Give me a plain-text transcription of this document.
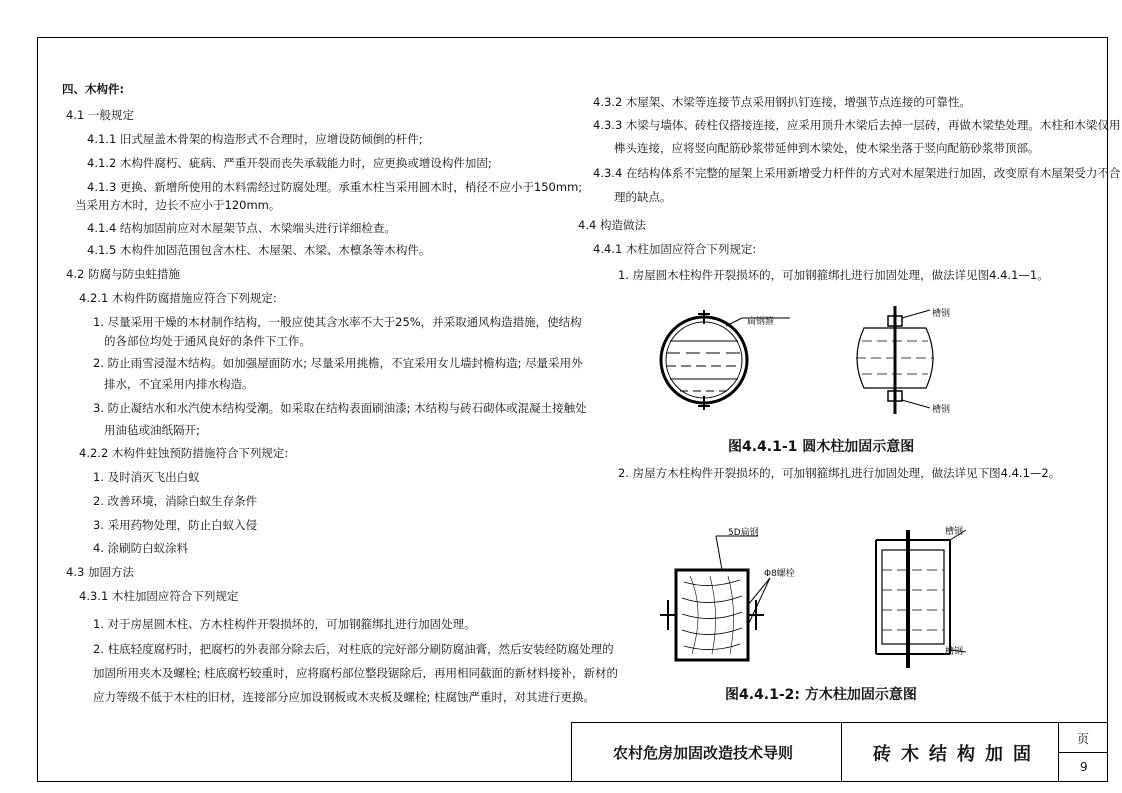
四、木构件:
4.1 一般规定
4.1.1 旧式屋盖木骨架的构造形式不合理时，应增设防倾倒的杆件;
4.1.2 木构件腐朽、疵病、严重开裂而丧失承载能力时，应更换或增设构件加固;
4.1.3 更换、新增所使用的木料需经过防腐处理。承重木柱当采用圆木时，梢径不应小于150mm;
当采用方木时，边长不应小于120mm。
4.1.4 结构加固前应对木屋架节点、木梁端头进行详细检查。
4.1.5 木构件加固范围包含木柱、木屋架、木梁、木檩条等木构件。
4.2 防腐与防虫蛀措施
4.2.1 木构件防腐措施应符合下列规定:
1. 尽量采用干燥的木材制作结构，一般应使其含水率不大于25%，并采取通风构造措施，使结构
的各部位均处于通风良好的条件下工作。
2. 防止雨雪浸湿木结构。如加强屋面防水; 尽量采用挑檐，不宜采用女儿墙封檐构造; 尽量采用外
排水，不宜采用内排水构造。
3. 防止凝结水和水汽使木结构受潮。如采取在结构表面刷油漆; 木结构与砖石砌体或混凝土接触处
用油毡或油纸隔开;
4.2.2 木构件蛀蚀预防措施符合下列规定:
1. 及时消灭飞出白蚁
2. 改善环境，消除白蚁生存条件
3. 采用药物处理，防止白蚁入侵
4. 涂刷防白蚁涂料
4.3 加固方法
4.3.1 木柱加固应符合下列规定
1. 对于房屋圆木柱、方木柱构件开裂损坏的，可加钢箍绑扎进行加固处理。
2. 柱底轻度腐朽时，把腐朽的外表部分除去后，对柱底的完好部分刷防腐油膏，然后安装经防腐处理的
加固所用夹木及螺栓; 柱底腐朽较重时，应将腐朽部位整段锯除后，再用相同截面的新材料接补，新材的
应力等级不低于木柱的旧材，连接部分应加设钢板或木夹板及螺栓; 柱腐蚀严重时，对其进行更换。
4.3.2 木屋架、木梁等连接节点采用钢扒钉连接，增强节点连接的可靠性。
4.3.3 木梁与墙体、砖柱仅搭接连接，应采用顶升木梁后去掉一层砖，再做木梁垫处理。木柱和木梁仅用
榫头连接，应将竖向配筋砂浆带延伸到木梁处，使木梁坐落于竖向配筋砂浆带顶部。
4.3.4 在结构体系不完整的屋架上采用新增受力杆件的方式对木屋架进行加固，改变原有木屋架受力不合
理的缺点。
4.4 构造做法
4.4.1 木柱加固应符合下列规定:
1. 房屋圆木柱构件开裂损坏的，可加钢箍绑扎进行加固处理，做法详见图4.4.1—1。
2. 房屋方木柱构件开裂损坏的，可加钢箍绑扎进行加固处理，做法详见下图4.4.1—2。
扁钢箍
槽钢
槽钢
图4.4.1-1 圆木柱加固示意图
5D扁钢
Φ8螺栓
槽钢
槽钢
图4.4.1-2: 方木柱加固示意图
农村危房加固改造技术导则	砖木结构加固
页
9
